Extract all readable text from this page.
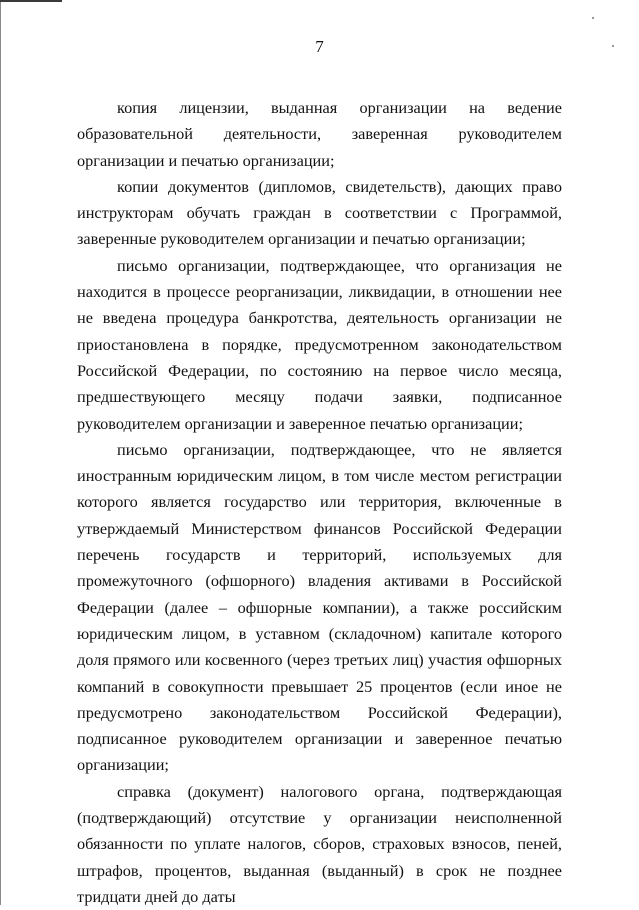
7

копия лицензии, выданная организации на ведение образовательной деятельности, заверенная руководителем организации и печатью организации;

копии документов (дипломов, свидетельств), дающих право инструкторам обучать граждан в соответствии с Программой, заверенные руководителем организации и печатью организации;

письмо организации, подтверждающее, что организация не находится в процессе реорганизации, ликвидации, в отношении нее не введена процедура банкротства, деятельность организации не приостановлена в порядке, предусмотренном законодательством Российской Федерации, по состоянию на первое число месяца, предшествующего месяцу подачи заявки, подписанное руководителем организации и заверенное печатью организации;

письмо организации, подтверждающее, что не является иностранным юридическим лицом, в том числе местом регистрации которого является государство или территория, включенные в утверждаемый Министерством финансов Российской Федерации перечень государств и территорий, используемых для промежуточного (офшорного) владения активами в Российской Федерации (далее – офшорные компании), а также российским юридическим лицом, в уставном (складочном) капитале которого доля прямого или косвенного (через третьих лиц) участия офшорных компаний в совокупности превышает 25 процентов (если иное не предусмотрено законодательством Российской Федерации), подписанное руководителем организации и заверенное печатью организации;

справка (документ) налогового органа, подтверждающая (подтверждающий) отсутствие у организации неисполненной обязанности по уплате налогов, сборов, страховых взносов, пеней, штрафов, процентов, выданная (выданный) в срок не позднее тридцати дней до даты
